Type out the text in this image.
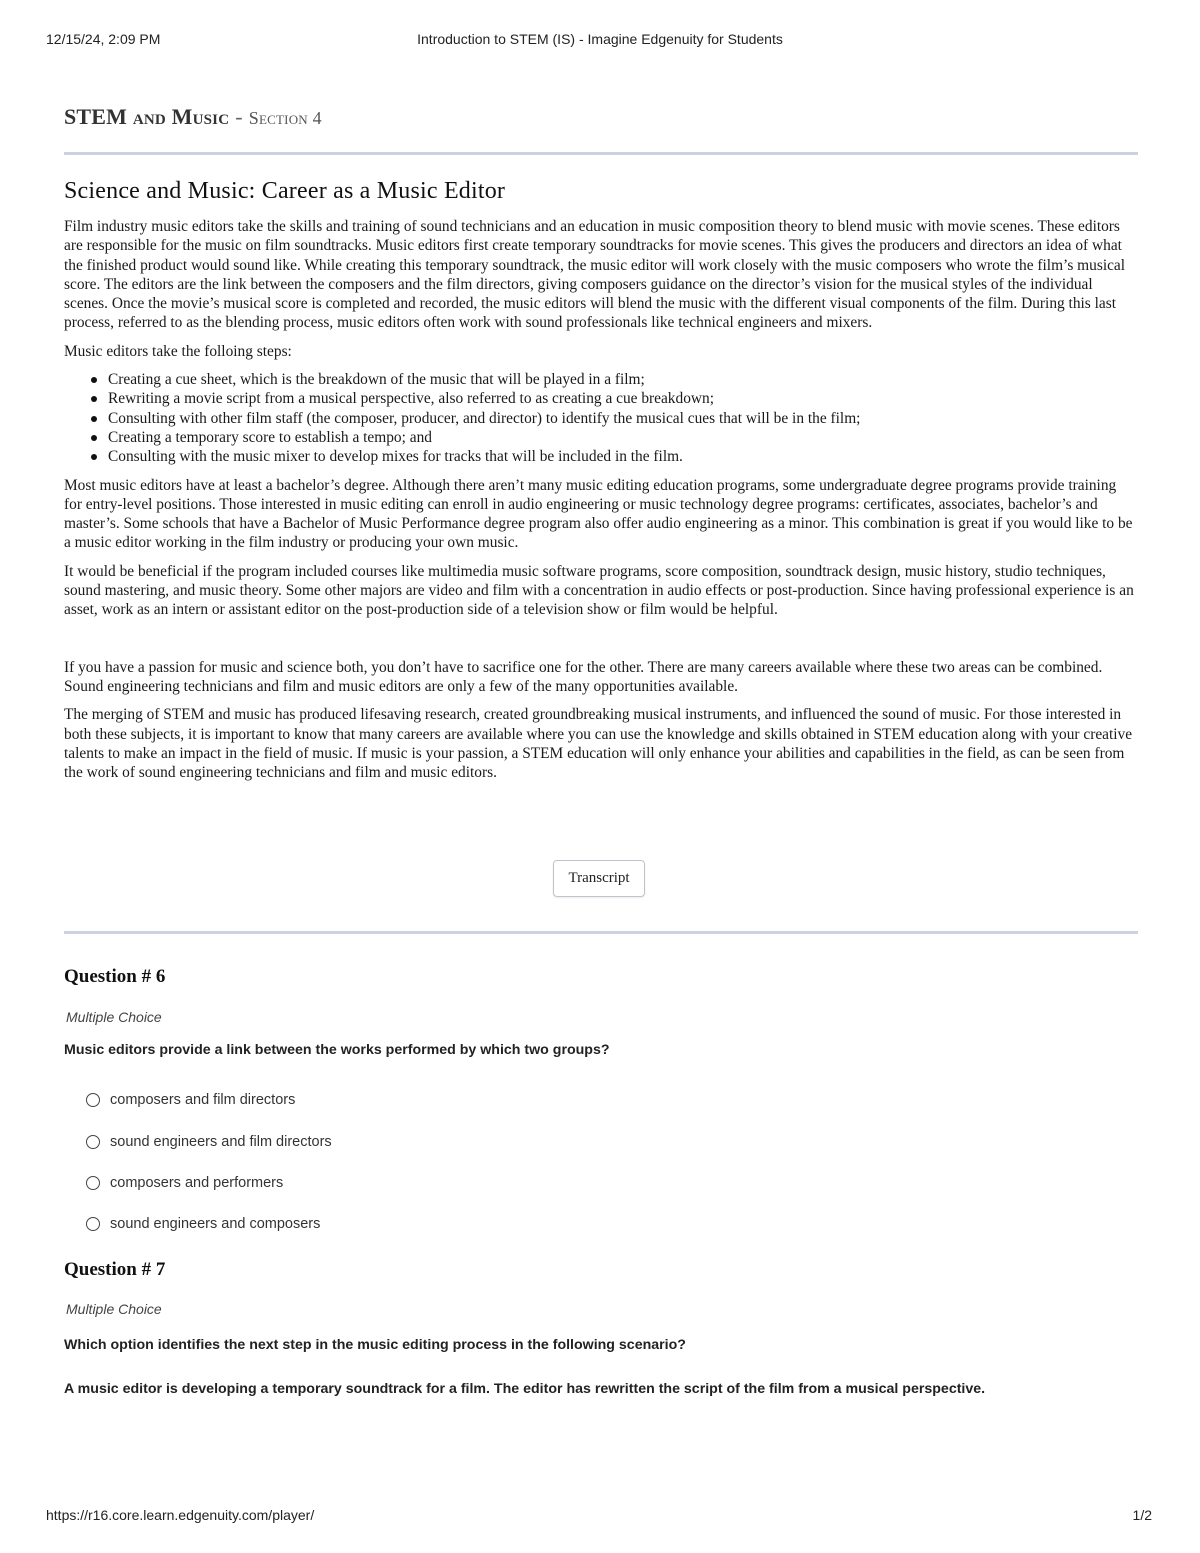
12/15/24, 2:09 PM	Introduction to STEM (IS) - Imagine Edgenuity for Students
STEM and Music - Section 4
Science and Music: Career as a Music Editor

Film industry music editors take the skills and training of sound technicians and an education in music composition theory to blend music with movie scenes. These editors are responsible for the music on film soundtracks. Music editors first create temporary soundtracks for movie scenes. This gives the producers and directors an idea of what the finished product would sound like. While creating this temporary soundtrack, the music editor will work closely with the music composers who wrote the film’s musical score. The editors are the link between the composers and the film directors, giving composers guidance on the director’s vision for the musical styles of the individual scenes. Once the movie’s musical score is completed and recorded, the music editors will blend the music with the different visual components of the film. During this last process, referred to as the blending process, music editors often work with sound professionals like technical engineers and mixers.

Music editors take the folloing steps:

Creating a cue sheet, which is the breakdown of the music that will be played in a film;
Rewriting a movie script from a musical perspective, also referred to as creating a cue breakdown;
Consulting with other film staff (the composer, producer, and director) to identify the musical cues that will be in the film;
Creating a temporary score to establish a tempo; and
Consulting with the music mixer to develop mixes for tracks that will be included in the film.

Most music editors have at least a bachelor’s degree. Although there aren’t many music editing education programs, some undergraduate degree programs provide training for entry-level positions. Those interested in music editing can enroll in audio engineering or music technology degree programs: certificates, associates, bachelor’s and master’s. Some schools that have a Bachelor of Music Performance degree program also offer audio engineering as a minor. This combination is great if you would like to be a music editor working in the film industry or producing your own music.

It would be beneficial if the program included courses like multimedia music software programs, score composition, soundtrack design, music history, studio techniques, sound mastering, and music theory. Some other majors are video and film with a concentration in audio effects or post-production. Since having professional experience is an asset, work as an intern or assistant editor on the post-production side of a television show or film would be helpful.

If you have a passion for music and science both, you don’t have to sacrifice one for the other. There are many careers available where these two areas can be combined. Sound engineering technicians and film and music editors are only a few of the many opportunities available.

The merging of STEM and music has produced lifesaving research, created groundbreaking musical instruments, and influenced the sound of music. For those interested in both these subjects, it is important to know that many careers are available where you can use the knowledge and skills obtained in STEM education along with your creative talents to make an impact in the field of music. If music is your passion, a STEM education will only enhance your abilities and capabilities in the field, as can be seen from the work of sound engineering technicians and film and music editors.

Transcript
Question # 6
Multiple Choice
Music editors provide a link between the works performed by which two groups?
composers and film directors
sound engineers and film directors
composers and performers
sound engineers and composers
Question # 7
Multiple Choice
Which option identifies the next step in the music editing process in the following scenario?
A music editor is developing a temporary soundtrack for a film. The editor has rewritten the script of the film from a musical perspective.
https://r16.core.learn.edgenuity.com/player/	1/2
